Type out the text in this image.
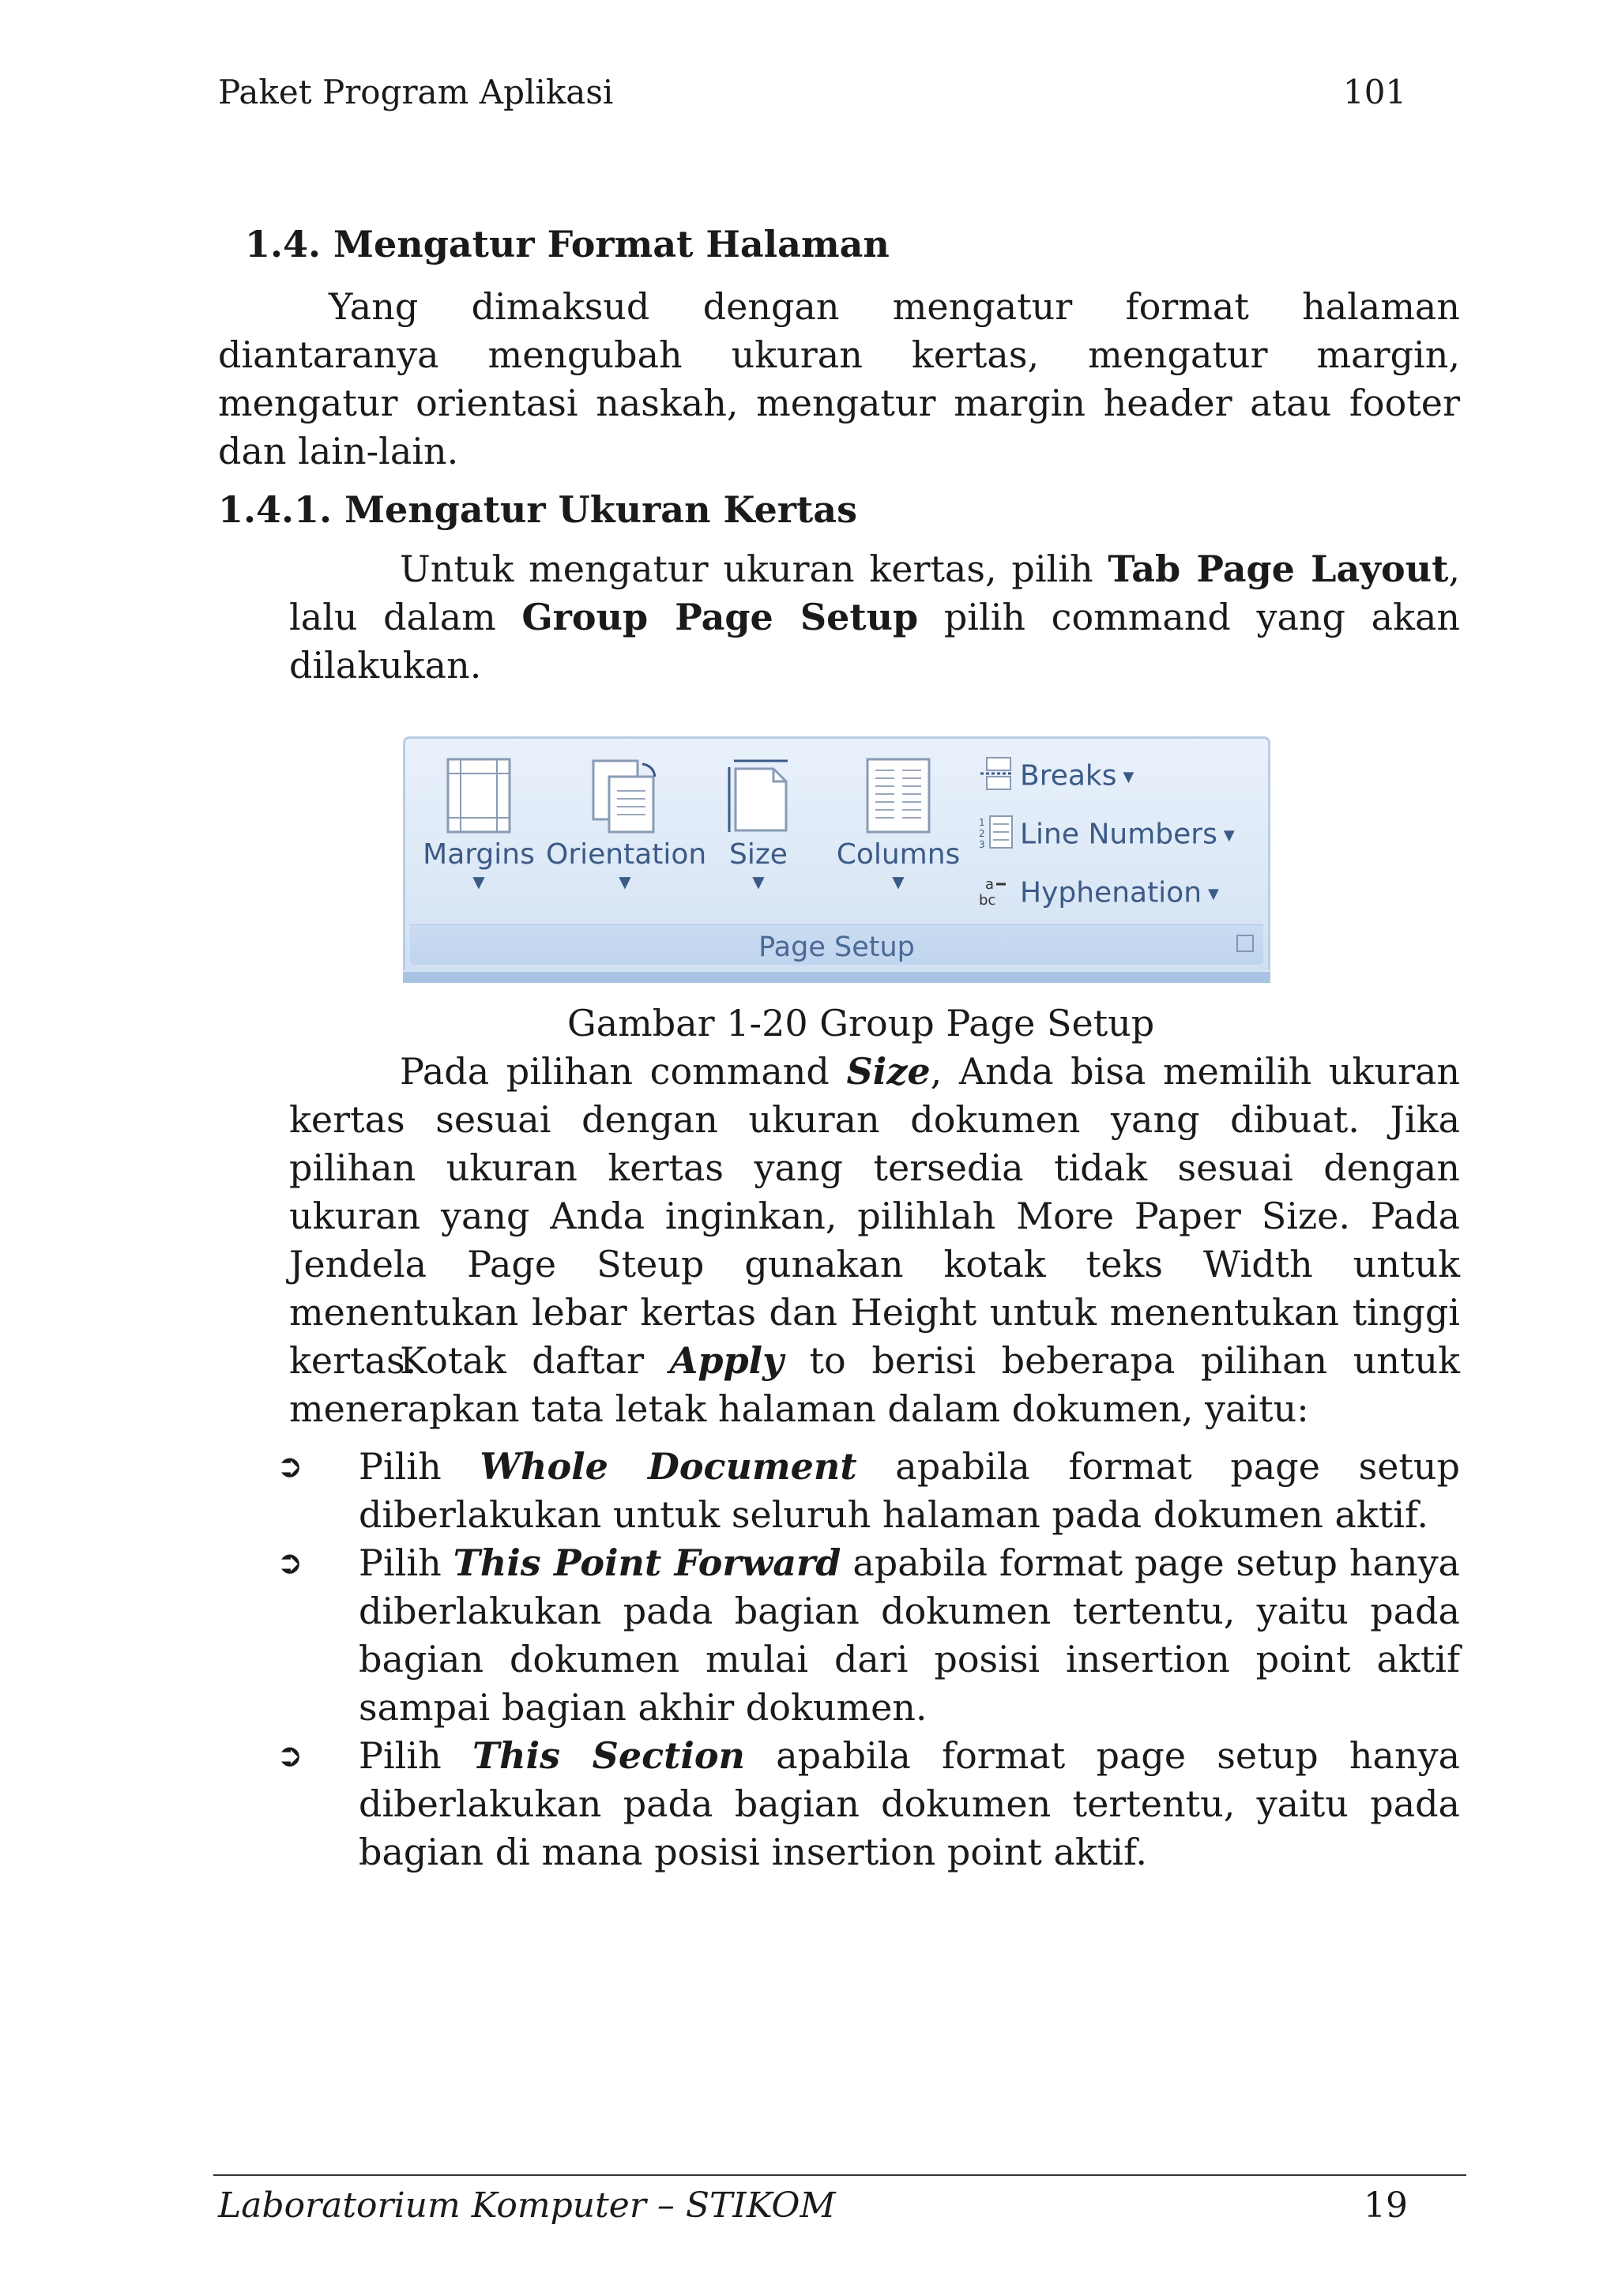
Paket Program Aplikasi	101
1.4. Mengatur Format Halaman
Yang dimaksud dengan mengatur format halaman diantaranya mengubah ukuran kertas, mengatur margin, mengatur orientasi naskah, mengatur margin header atau footer dan lain-lain.
1.4.1. Mengatur Ukuran Kertas
Untuk mengatur ukuran kertas, pilih Tab Page Layout, lalu dalam Group Page Setup pilih command yang akan dilakukan.
Margins
▼
Orientation
▼
Size
▼
Columns
▼
Breaks ▼
1
2
3 Line Numbers ▼
a
bc Hyphenation ▼
Page Setup
Gambar 1-20 Group Page Setup
Pada pilihan command Size, Anda bisa memilih ukuran kertas sesuai dengan ukuran dokumen yang dibuat. Jika pilihan ukuran kertas yang tersedia tidak sesuai dengan ukuran yang Anda inginkan, pilihlah More Paper Size. Pada Jendela Page Steup gunakan kotak teks Width untuk menentukan lebar kertas dan Height untuk menentukan tinggi kertas.
Kotak daftar Apply to berisi beberapa pilihan untuk menerapkan tata letak halaman dalam dokumen, yaitu:
➲ Pilih Whole Document apabila format page setup diberlakukan untuk seluruh halaman pada dokumen aktif.
➲ Pilih This Point Forward apabila format page setup hanya diberlakukan pada bagian dokumen tertentu, yaitu pada bagian dokumen mulai dari posisi insertion point aktif sampai bagian akhir dokumen.
➲ Pilih This Section apabila format page setup hanya diberlakukan pada bagian dokumen tertentu, yaitu pada bagian di mana posisi insertion point aktif.
Laboratorium Komputer – STIKOM	19
